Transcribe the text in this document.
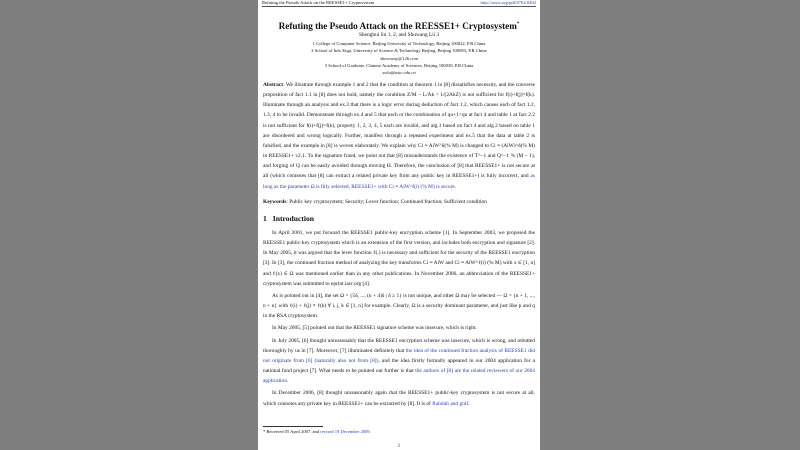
Refuting the Pseudo Attack on the REESSE1+ Cryptosystem	http://arxiv.org/pdf/0704.0492
Refuting the Pseudo Attack on the REESSE1+ Cryptosystem*
Shenghui Su 1, 2, and Shuwang Lü 3
1 College of Computer Science, Beijing University of Technology, Beijing 100022, P.R.China
2 School of Info Engi, University of Science & Technology Beijing, Beijing 100083, P.R.China
sheenway@126.com
3 School of Graduate, Chinese Academy of Sciences, Beijing 100039, P.R.China
swlu@ustc.edu.cn
Abstract: We illustrate through example 1 and 2 that the condition at theorem 1 in [8] dissatisfies necessity, and the converse proposition of fact 1.1 in [8] does not hold, namely the condition Z/M − L/Ak < 1/(2AkZ) is not sufficient for f(i)+f(j)=f(k). Illuminate through an analysis and ex.3 that there is a logic error during deduction of fact 1.2, which causes each of fact 1.2, 1.3, 4 to be invalid. Demonstrate through ex.4 and 5 that each or the combination of qu+1>qu at fact 4 and table 1 at fact 2.2 is not sufficient for f(i)+f(j)=f(k), property 1, 2, 3, 4, 5 each are invalid, and alg.1 based on fact 4 and alg.2 based on table 1 are disordered and wrong logically. Further, manifest through a repeated experiment and ex.5 that the data at table 2 is falsified, and the example in [8] is woven elaborately. We explain why Ci ≡ AiW^δ(% M) is changed to Ci ≡ (AiW)^δ(% M) in REESSE1+ v2.1. To the signature fraud, we point out that [8] misunderstands the existence of T^−1 and Q^−1 % (M − 1), and forging of Q can be easily avoided through moving H. Therefore, the conclusion of [8] that REESSE1+ is not secure at all (which connotes that [8] can extract a related private key from any public key in REESSE1+) is fully incorrect, and as long as the parameter Ω is fitly selected, REESSE1+ with Ci ≡ AiW^f(i) (% M) is secure.
Keywords: Public key cryptosystem; Security; Lever function; Continued fraction; Sufficient condition
1 Introduction
In April 2001, we put forward the REESSE1 public-key encryption scheme [1]. In September 2003, we proposed the REESSE1 public-key cryptosystem which is an extension of the first version, and includes both encryption and signature [2]. In May 2005, it was argued that the lever function ℓ(.) is necessary and sufficient for the security of the REESSE1 encryption [3]. In [3], the continued fraction method of analyzing the key transforms Ci ≡ AiW and Ci ≡ AiW^ℓ(i) (% M) with x ∈ [1, n] and ℓ(x) ∈ Ω was mentioned earlier than in any other publications. In November 2006, an abbreviation of the REESSE1+ cryptosystem was submitted to eprint.iacr.org [4].
As is pointed out in [4], the set Ω = {5δ, ..., (n + 4)δ | δ ≥ 1} is not unique, and other Ω may be selected — Ω = {n + 1, ..., n + n} with ℓ(i) + ℓ(j) ≠ ℓ(k) ∀ i, j, k ∈ [1, n] for example. Clearly, Ω is a security dominant parameter, and just like p and q in the RSA cryptosystem.
In May 2005, [5] pointed out that the REESSE1 signature scheme was insecure, which is right.
In July 2005, [6] thought unreasonably that the REESSE1 encryption scheme was insecure, which is wrong, and rebutted thoroughly by us in [7]. Moreover, [7] illuminated definitely that the idea of the continued fraction analysis of REESSE1 did not originate from [6] (naturally also not from [8]), and the idea firstly formally appeared in our 2004 application for a national fund project [7]. What needs to be pointed out further is that the authors of [8] are the related reviewers of our 2004 application.
In December 2006, [8] thought unreasonably again that the REESSE1+ public-key cryptosystem is not secure at all, which connotes any private key in REESSE1+ can be extracted by [8]. It is of flubdub and gulf.
* Received 05 April 2007, and revised 19 December 2009.
1
